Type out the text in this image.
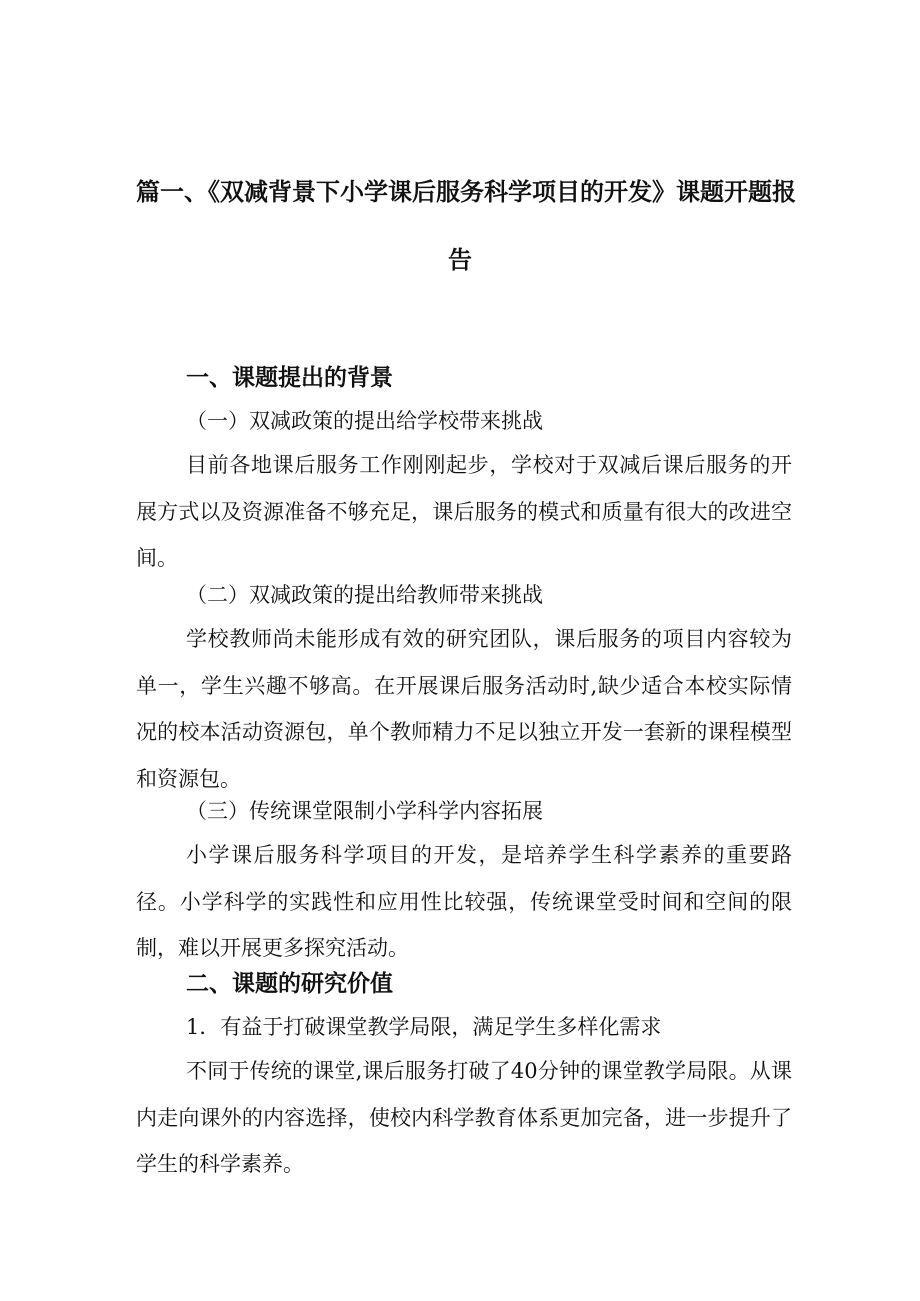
篇一、《双减背景下小学课后服务科学项目的开发》课题开题报
告
一、课题提出的背景
（一）双减政策的提出给学校带来挑战
目前各地课后服务工作刚刚起步，学校对于双减后课后服务的开展方式以及资源准备不够充足，课后服务的模式和质量有很大的改进空间。
（二）双减政策的提出给教师带来挑战
学校教师尚未能形成有效的研究团队，课后服务的项目内容较为单一，学生兴趣不够高。在开展课后服务活动时,缺少适合本校实际情况的校本活动资源包，单个教师精力不足以独立开发一套新的课程模型和资源包。
（三）传统课堂限制小学科学内容拓展
小学课后服务科学项目的开发，是培养学生科学素养的重要路径。小学科学的实践性和应用性比较强，传统课堂受时间和空间的限制，难以开展更多探究活动。
二、课题的研究价值
1．有益于打破课堂教学局限，满足学生多样化需求
不同于传统的课堂,课后服务打破了40分钟的课堂教学局限。从课内走向课外的内容选择，使校内科学教育体系更加完备，进一步提升了学生的科学素养。
